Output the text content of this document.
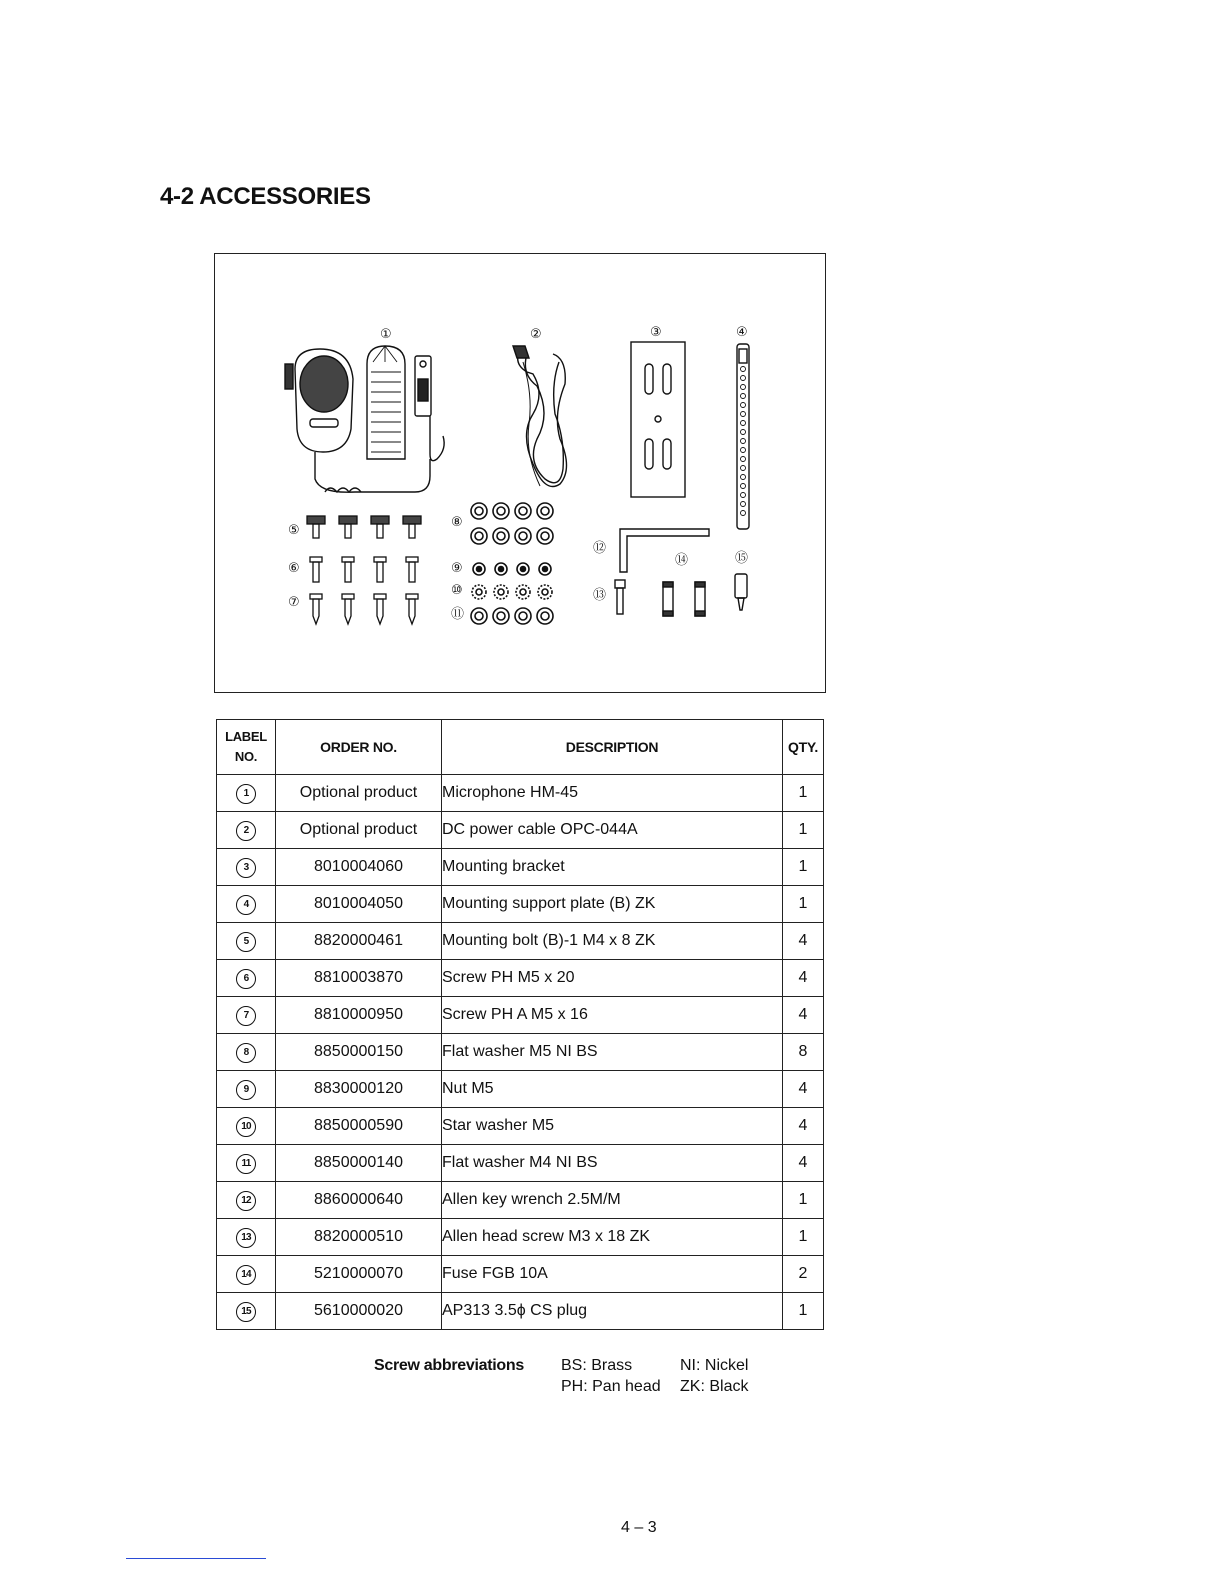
4-2 ACCESSORIES
①	②	③	④
⑤
⑥
⑦
⑧
⑨
⑩
⑪
⑫
⑬
⑭	⑮
LABEL
NO.	ORDER NO.	DESCRIPTION	QTY.
1	Optional product	Microphone HM-45	1
2	Optional product	DC power cable OPC-044A	1
3	8010004060	Mounting bracket	1
4	8010004050	Mounting support plate (B) ZK	1
5	8820000461	Mounting bolt (B)-1 M4 x 8 ZK	4
6	8810003870	Screw PH M5 x 20	4
7	8810000950	Screw PH A M5 x 16	4
8	8850000150	Flat washer M5 NI BS	8
9	8830000120	Nut M5	4
10	8850000590	Star washer M5	4
11	8850000140	Flat washer M4 NI BS	4
12	8860000640	Allen key wrench 2.5M/M	1
13	8820000510	Allen head screw M3 x 18 ZK	1
14	5210000070	Fuse FGB 10A	2
15	5610000020	AP313 3.5ϕ CS plug	1
Screw abbreviations BS: Brass
PH: Pan head
NI: Nickel
ZK: Black
4 – 3
